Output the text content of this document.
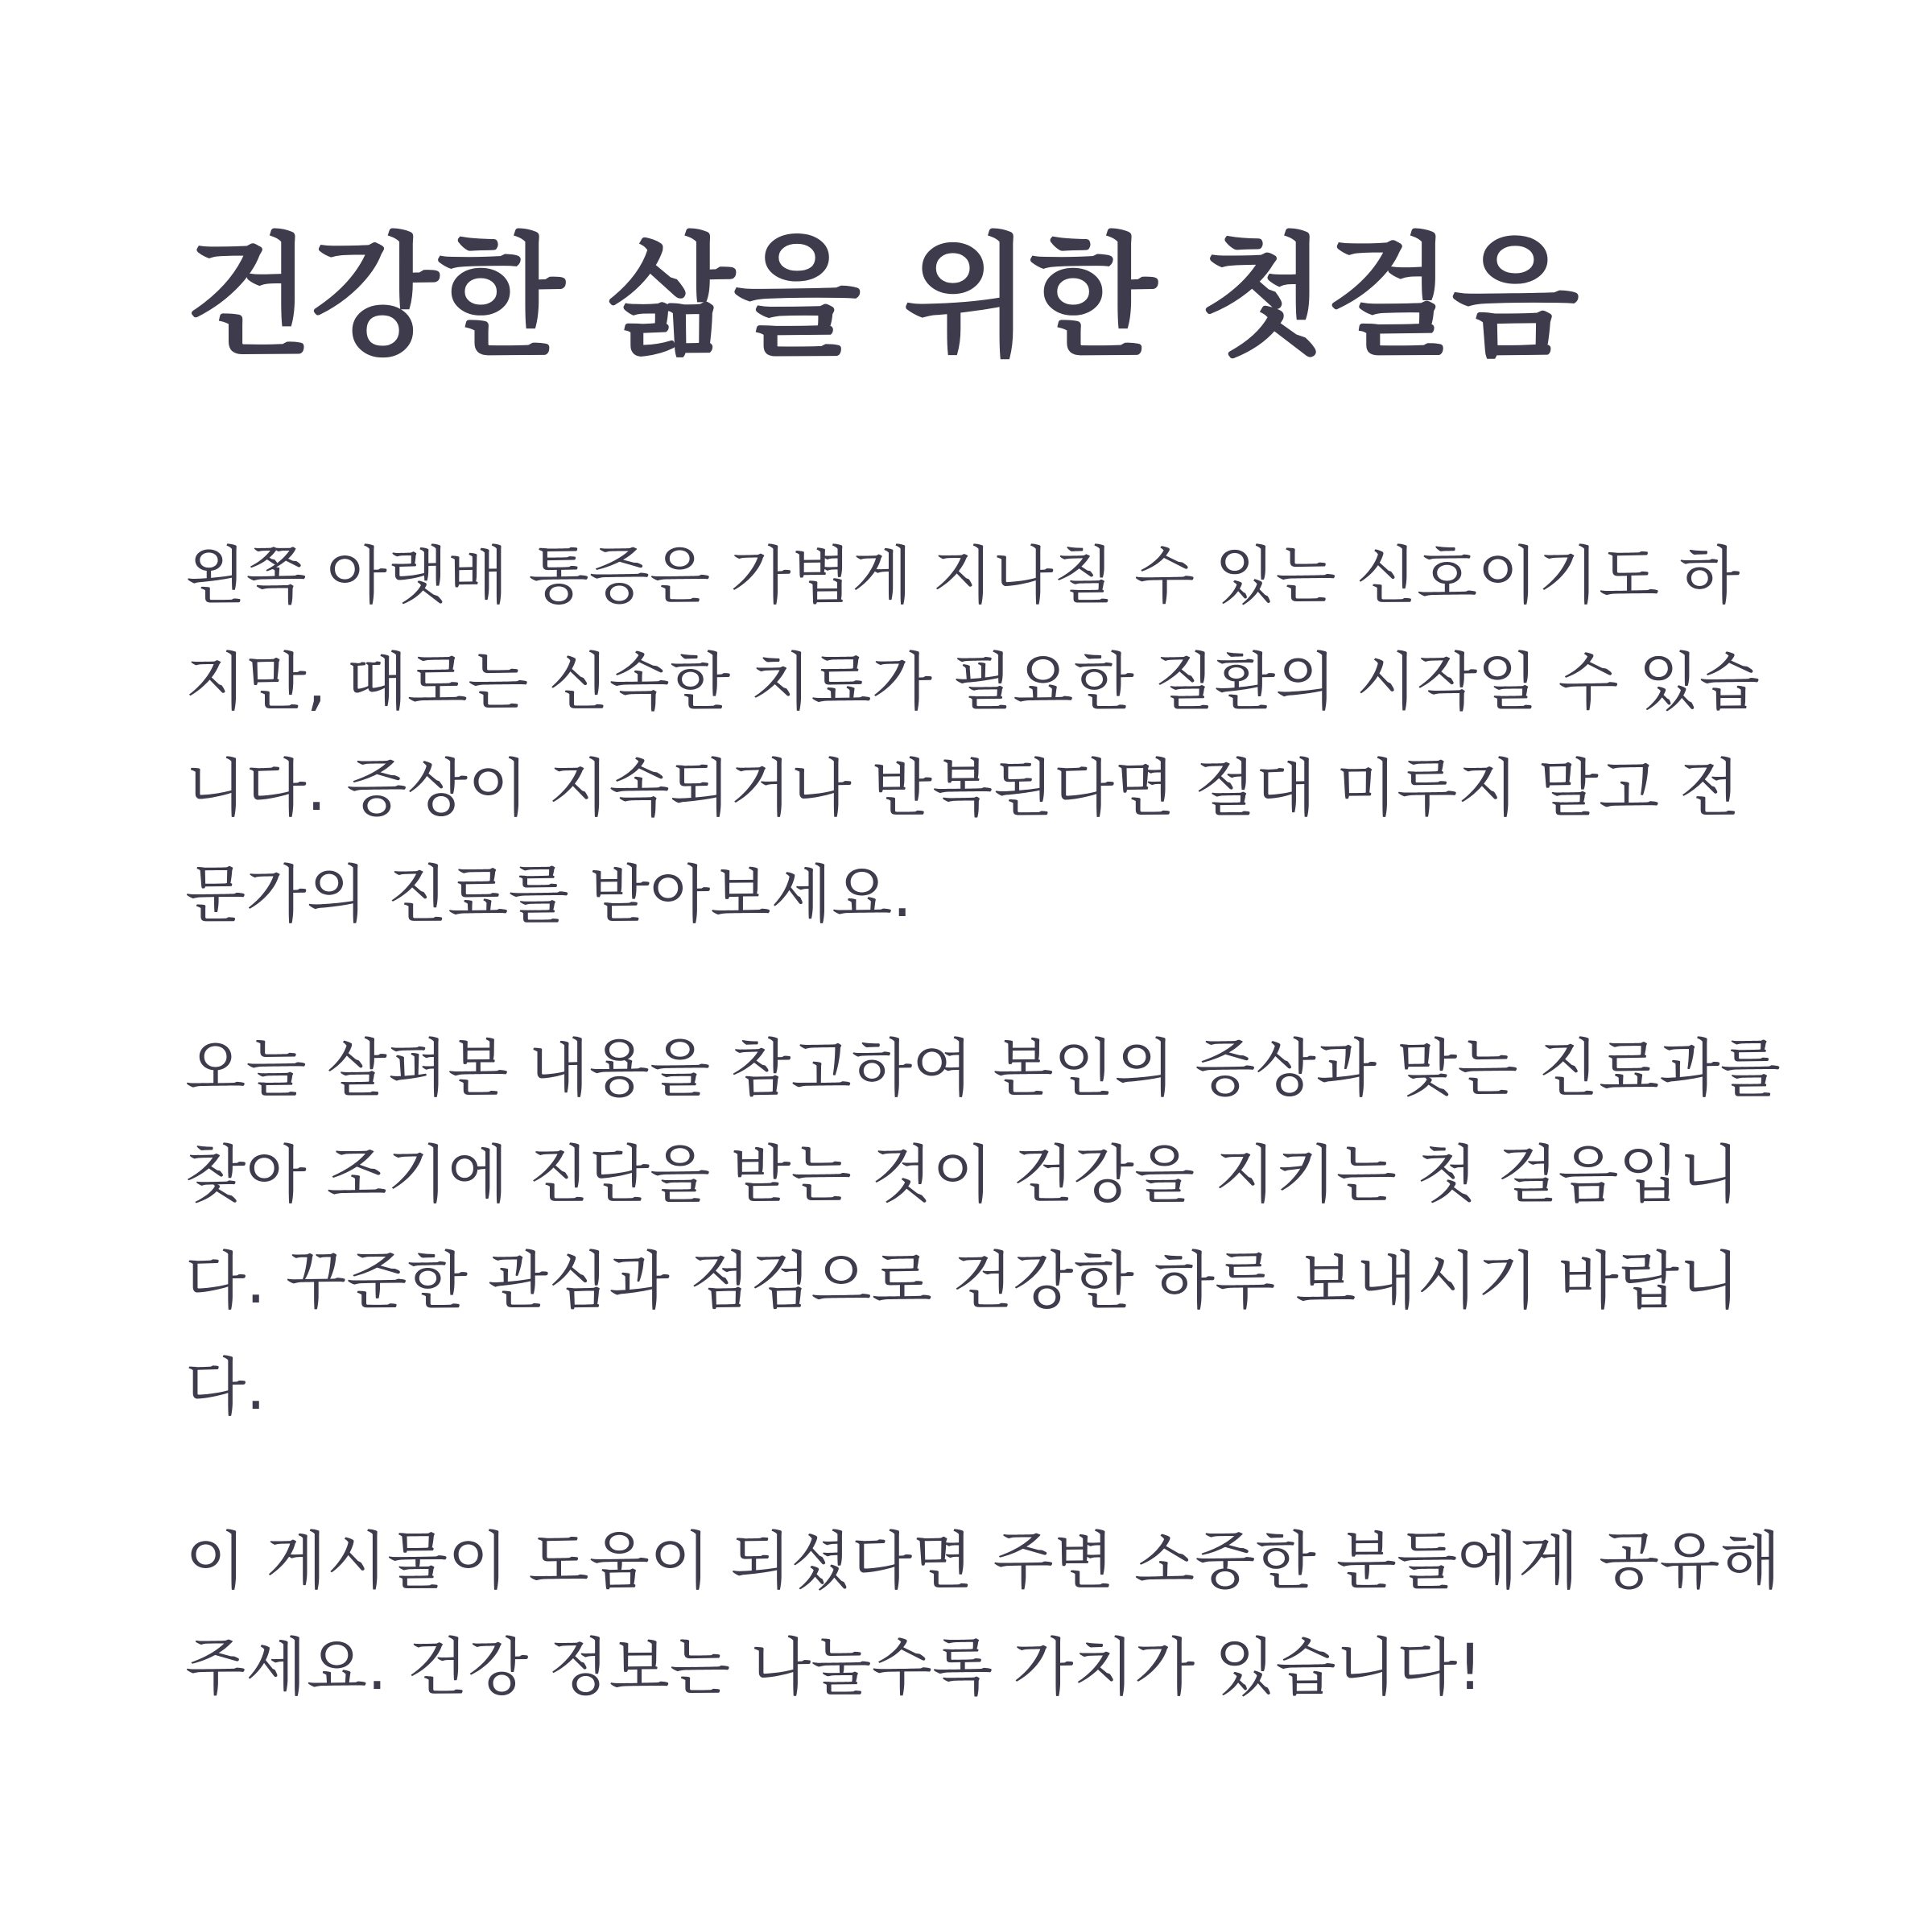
건강한 삶을 위한 첫걸음

왼쪽 아랫배 통증은 가볍게 지나칠 수 있는 신호이기도 하
지만, 때로는 신속한 치료가 필요한 질환의 시작일 수 있습
니다. 증상이 지속되거나 반복된다면 절대 미루지 말고 전
문가의 진료를 받아보세요.

오늘 살펴본 내용을 참고하여 본인의 증상과 맞는 진료과를
찾아 조기에 진단을 받는 것이 건강을 지키는 첫 걸음입니
다. 꾸준한 관심과 점검으로 건강한 하루 보내시기 바랍니
다.

이 게시물이 도움이 되셨다면 주변 소중한 분들에게 공유해
주세요. 건강 정보는 나눌수록 가치가 있습니다!
